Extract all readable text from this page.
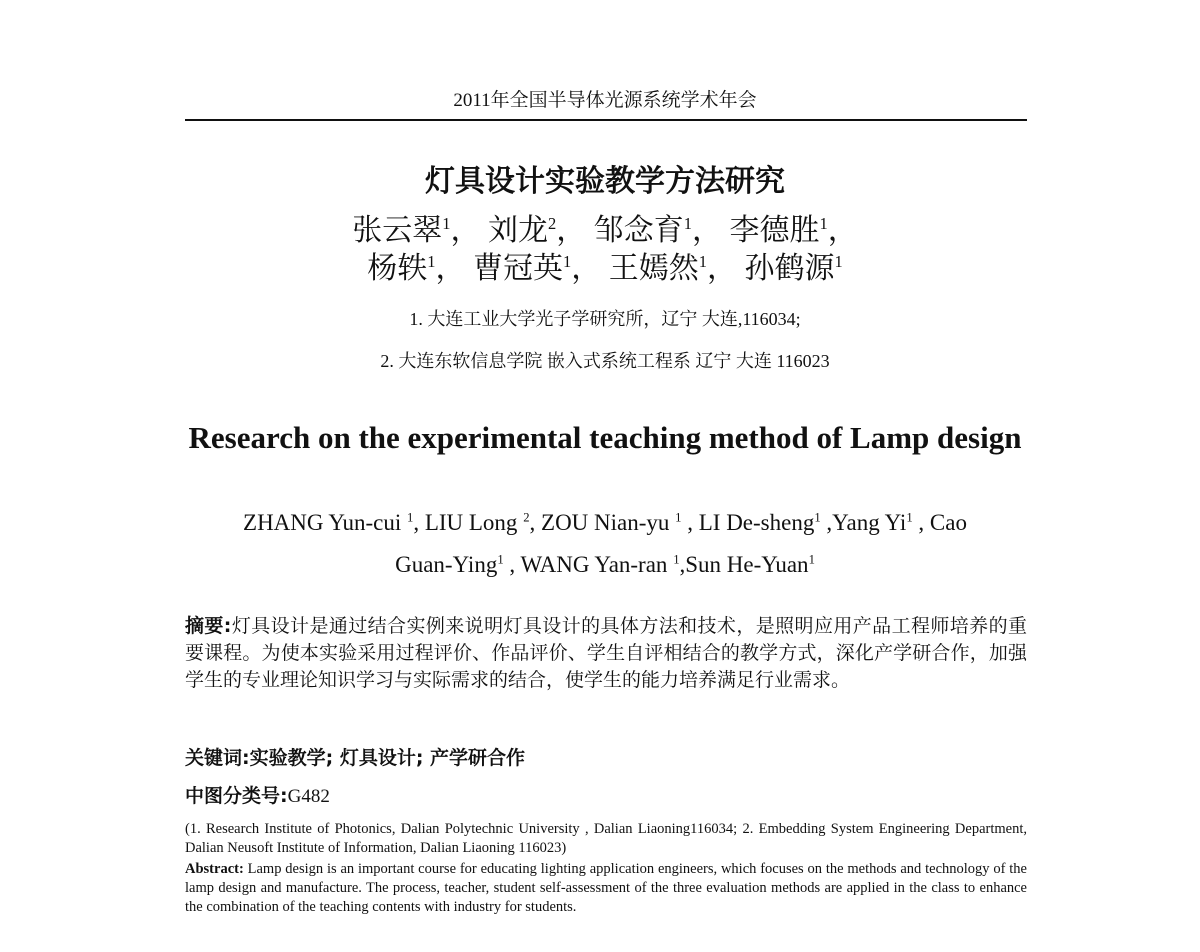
2011年全国半导体光源系统学术年会
灯具设计实验教学方法研究
张云翠$^1$， 刘龙$^2$， 邹念育$^1$， 李德胜$^1$，
杨轶$^1$， 曹冠英$^1$， 王嫣然$^1$， 孙鹤源$^1$
1. 大连工业大学光子学研究所，辽宁 大连,116034;
2. 大连东软信息学院 嵌入式系统工程系 辽宁 大连 116023
Research on the experimental teaching method of Lamp design
ZHANG Yun-cui $^1$, LIU Long $^2$, ZOU Nian-yu $^1$ , LI De-sheng$^1$ ,Yang Yi$^1$ , Cao
Guan-Ying$^1$ , WANG Yan-ran $^1$,Sun He-Yuan$^1$
摘要:灯具设计是通过结合实例来说明灯具设计的具体方法和技术，是照明应用产品工程师培养的重要课程。为使本实验采用过程评价、作品评价、学生自评相结合的教学方式，深化产学研合作，加强学生的专业理论知识学习与实际需求的结合，使学生的能力培养满足行业需求。
关键词:实验教学; 灯具设计; 产学研合作
中图分类号:G482
(1. Research Institute of Photonics, Dalian Polytechnic University , Dalian Liaoning116034; 2. Embedding System Engineering Department, Dalian Neusoft Institute of Information, Dalian Liaoning 116023)
Abstract: Lamp design is an important course for educating lighting application engineers, which focuses on the methods and technology of the lamp design and manufacture. The process, teacher, student self-assessment of the three evaluation methods are applied in the class to enhance the combination of the teaching contents with industry for students.
